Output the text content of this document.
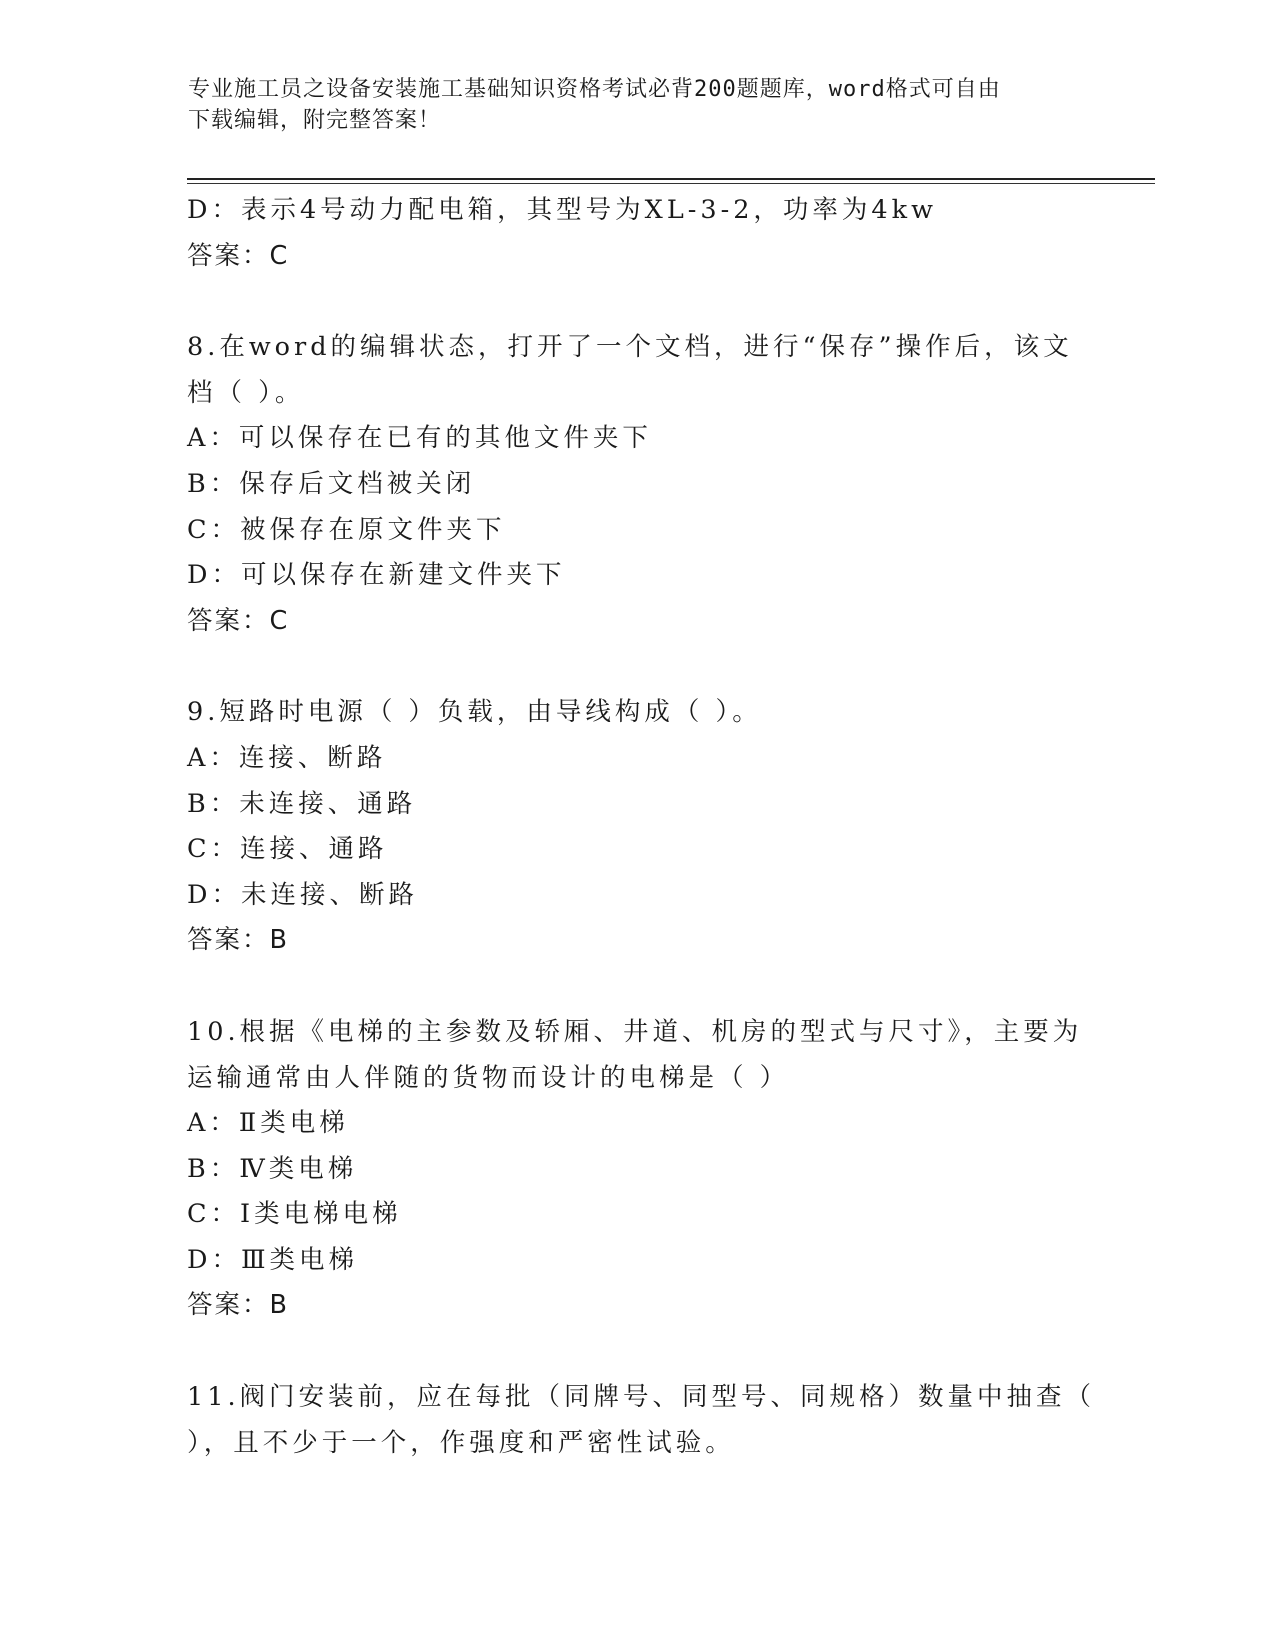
专业施工员之设备安装施工基础知识资格考试必背200题题库，word格式可自由
下载编辑，附完整答案！
D：表示4号动力配电箱，其型号为XL-3-2，功率为4kw
答案：C
8.在word的编辑状态，打开了一个文档，进行“保存”操作后，该文
档（ ）。
A：可以保存在已有的其他文件夹下
B：保存后文档被关闭
C：被保存在原文件夹下
D：可以保存在新建文件夹下
答案：C
9.短路时电源（ ）负载，由导线构成（ ）。
A：连接、断路
B：未连接、通路
C：连接、通路
D：未连接、断路
答案：B
10.根据《电梯的主参数及轿厢、井道、机房的型式与尺寸》，主要为
运输通常由人伴随的货物而设计的电梯是（ ）
A：Ⅱ类电梯
B：Ⅳ类电梯
C：Ⅰ类电梯电梯
D：Ⅲ类电梯
答案：B
11.阀门安装前，应在每批（同牌号、同型号、同规格）数量中抽查（
），且不少于一个，作强度和严密性试验。
